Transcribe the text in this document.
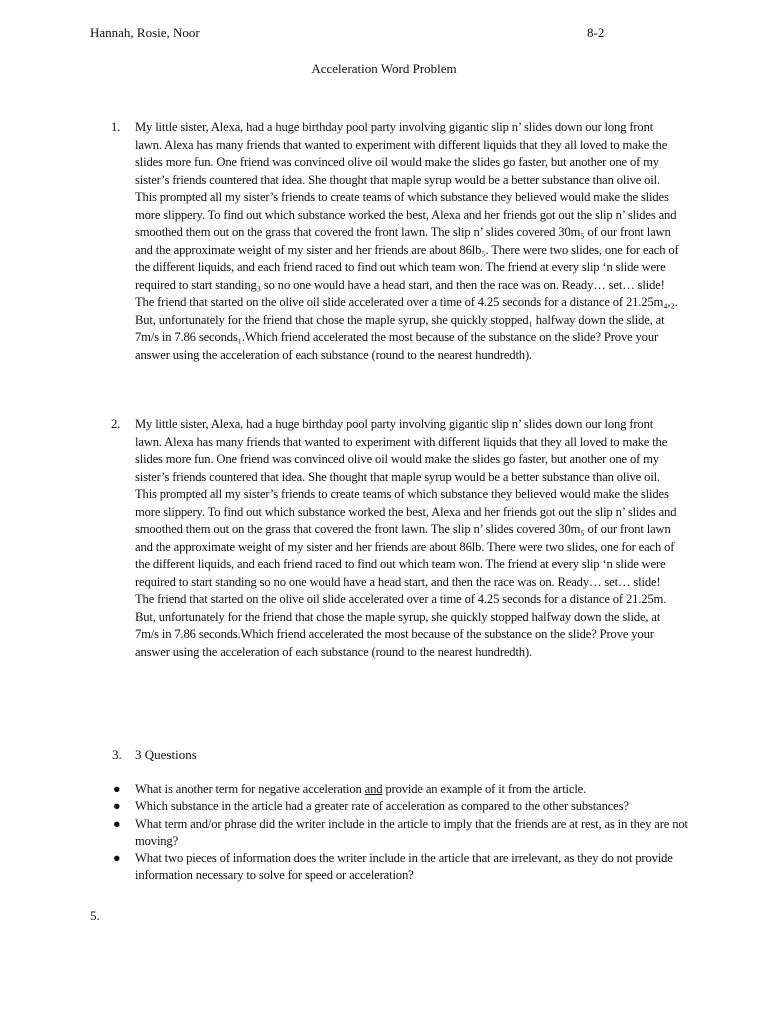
Hannah, Rosie, Noor	8-2
Acceleration Word Problem
1. My little sister, Alexa, had a huge birthday pool party involving gigantic slip n’ slides down our long front lawn. Alexa has many friends that wanted to experiment with different liquids that they all loved to make the slides more fun. One friend was convinced olive oil would make the slides go faster, but another one of my sister’s friends countered that idea. She thought that maple syrup would be a better substance than olive oil. This prompted all my sister’s friends to create teams of which substance they believed would make the slides more slippery. To find out which substance worked the best, Alexa and her friends got out the slip n’ slides and smoothed them out on the grass that covered the front lawn. The slip n’ slides covered 30m₅ of our front lawn and the approximate weight of my sister and her friends are about 86lb₅. There were two slides, one for each of the different liquids, and each friend raced to find out which team won. The friend at every slip ‘n slide were required to start standing₃ so no one would have a head start, and then the race was on. Ready… set… slide! The friend that started on the olive oil slide accelerated over a time of 4.25 seconds for a distance of 21.25m₄,₂. But, unfortunately for the friend that chose the maple syrup, she quickly stopped₁ halfway down the slide, at 7m/s in 7.86 seconds₁.Which friend accelerated the most because of the substance on the slide? Prove your answer using the acceleration of each substance (round to the nearest hundredth).
2. My little sister, Alexa, had a huge birthday pool party involving gigantic slip n’ slides down our long front lawn. Alexa has many friends that wanted to experiment with different liquids that they all loved to make the slides more fun. One friend was convinced olive oil would make the slides go faster, but another one of my sister’s friends countered that idea. She thought that maple syrup would be a better substance than olive oil. This prompted all my sister’s friends to create teams of which substance they believed would make the slides more slippery. To find out which substance worked the best, Alexa and her friends got out the slip n’ slides and smoothed them out on the grass that covered the front lawn. The slip n’ slides covered 30m₅ of our front lawn and the approximate weight of my sister and her friends are about 86lb. There were two slides, one for each of the different liquids, and each friend raced to find out which team won. The friend at every slip ‘n slide were required to start standing so no one would have a head start, and then the race was on. Ready… set… slide! The friend that started on the olive oil slide accelerated over a time of 4.25 seconds for a distance of 21.25m. But, unfortunately for the friend that chose the maple syrup, she quickly stopped halfway down the slide, at 7m/s in 7.86 seconds.Which friend accelerated the most because of the substance on the slide? Prove your answer using the acceleration of each substance (round to the nearest hundredth).
3. 3 Questions
● What is another term for negative acceleration and provide an example of it from the article.
● Which substance in the article had a greater rate of acceleration as compared to the other substances?
● What term and/or phrase did the writer include in the article to imply that the friends are at rest, as in they are not moving?
● What two pieces of information does the writer include in the article that are irrelevant, as they do not provide information necessary to solve for speed or acceleration?
5.
